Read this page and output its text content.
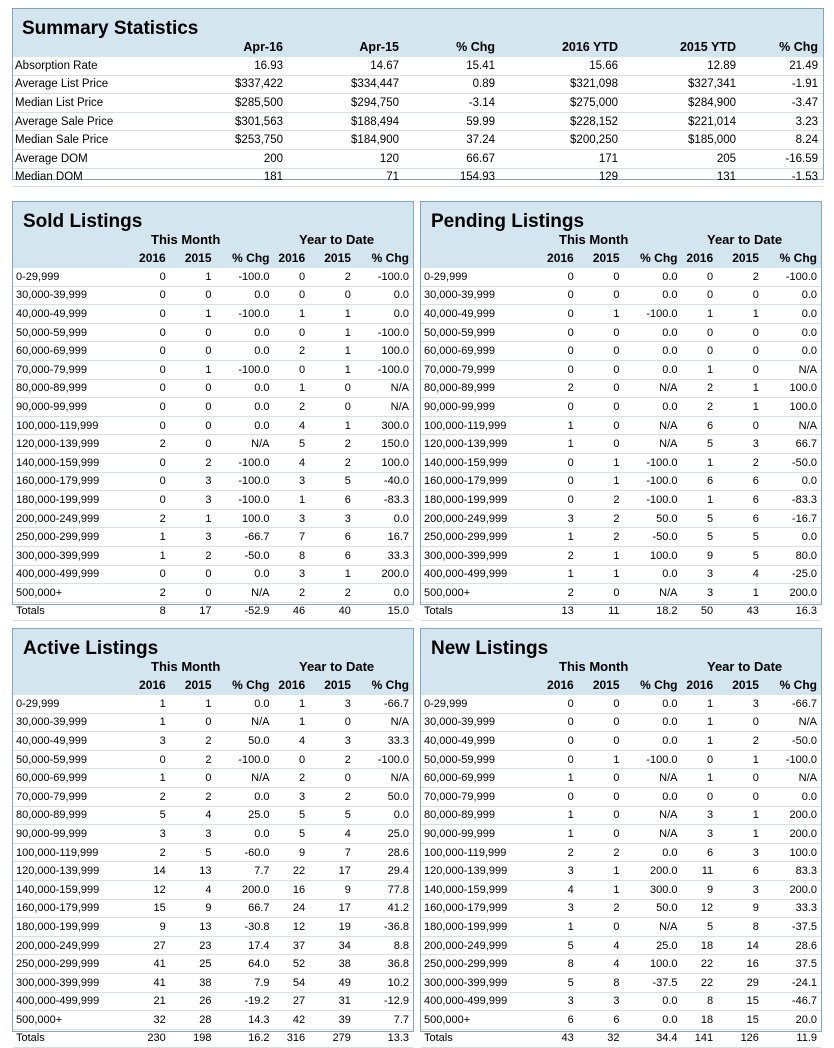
Summary Statistics
	Apr-16	Apr-15	% Chg	2016 YTD	2015 YTD	% Chg
Absorption Rate	16.93	14.67	15.41	15.66	12.89	21.49
Average List Price	$337,422	$334,447	0.89	$321,098	$327,341	-1.91
Median List Price	$285,500	$294,750	-3.14	$275,000	$284,900	-3.47
Average Sale Price	$301,563	$188,494	59.99	$228,152	$221,014	3.23
Median Sale Price	$253,750	$184,900	37.24	$200,250	$185,000	8.24
Average DOM	200	120	66.67	171	205	-16.59
Median DOM	181	71	154.93	129	131	-1.53
Sold Listings
This Month	Year to Date
	2016	2015	% Chg	2016	2015	% Chg
0-29,999	0	1	-100.0	0	2	-100.0
30,000-39,999	0	0	0.0	0	0	0.0
40,000-49,999	0	1	-100.0	1	1	0.0
50,000-59,999	0	0	0.0	0	1	-100.0
60,000-69,999	0	0	0.0	2	1	100.0
70,000-79,999	0	1	-100.0	0	1	-100.0
80,000-89,999	0	0	0.0	1	0	N/A
90,000-99,999	0	0	0.0	2	0	N/A
100,000-119,999	0	0	0.0	4	1	300.0
120,000-139,999	2	0	N/A	5	2	150.0
140,000-159,999	0	2	-100.0	4	2	100.0
160,000-179,999	0	3	-100.0	3	5	-40.0
180,000-199,999	0	3	-100.0	1	6	-83.3
200,000-249,999	2	1	100.0	3	3	0.0
250,000-299,999	1	3	-66.7	7	6	16.7
300,000-399,999	1	2	-50.0	8	6	33.3
400,000-499,999	0	0	0.0	3	1	200.0
500,000+	2	0	N/A	2	2	0.0
Totals	8	17	-52.9	46	40	15.0
Pending Listings
This Month	Year to Date
	2016	2015	% Chg	2016	2015	% Chg
0-29,999	0	0	0.0	0	2	-100.0
30,000-39,999	0	0	0.0	0	0	0.0
40,000-49,999	0	1	-100.0	1	1	0.0
50,000-59,999	0	0	0.0	0	0	0.0
60,000-69,999	0	0	0.0	0	0	0.0
70,000-79,999	0	0	0.0	1	0	N/A
80,000-89,999	2	0	N/A	2	1	100.0
90,000-99,999	0	0	0.0	2	1	100.0
100,000-119,999	1	0	N/A	6	0	N/A
120,000-139,999	1	0	N/A	5	3	66.7
140,000-159,999	0	1	-100.0	1	2	-50.0
160,000-179,999	0	1	-100.0	6	6	0.0
180,000-199,999	0	2	-100.0	1	6	-83.3
200,000-249,999	3	2	50.0	5	6	-16.7
250,000-299,999	1	2	-50.0	5	5	0.0
300,000-399,999	2	1	100.0	9	5	80.0
400,000-499,999	1	1	0.0	3	4	-25.0
500,000+	2	0	N/A	3	1	200.0
Totals	13	11	18.2	50	43	16.3
Active Listings
This Month	Year to Date
	2016	2015	% Chg	2016	2015	% Chg
0-29,999	1	1	0.0	1	3	-66.7
30,000-39,999	1	0	N/A	1	0	N/A
40,000-49,999	3	2	50.0	4	3	33.3
50,000-59,999	0	2	-100.0	0	2	-100.0
60,000-69,999	1	0	N/A	2	0	N/A
70,000-79,999	2	2	0.0	3	2	50.0
80,000-89,999	5	4	25.0	5	5	0.0
90,000-99,999	3	3	0.0	5	4	25.0
100,000-119,999	2	5	-60.0	9	7	28.6
120,000-139,999	14	13	7.7	22	17	29.4
140,000-159,999	12	4	200.0	16	9	77.8
160,000-179,999	15	9	66.7	24	17	41.2
180,000-199,999	9	13	-30.8	12	19	-36.8
200,000-249,999	27	23	17.4	37	34	8.8
250,000-299,999	41	25	64.0	52	38	36.8
300,000-399,999	41	38	7.9	54	49	10.2
400,000-499,999	21	26	-19.2	27	31	-12.9
500,000+	32	28	14.3	42	39	7.7
Totals	230	198	16.2	316	279	13.3
New Listings
This Month	Year to Date
	2016	2015	% Chg	2016	2015	% Chg
0-29,999	0	0	0.0	1	3	-66.7
30,000-39,999	0	0	0.0	1	0	N/A
40,000-49,999	0	0	0.0	1	2	-50.0
50,000-59,999	0	1	-100.0	0	1	-100.0
60,000-69,999	1	0	N/A	1	0	N/A
70,000-79,999	0	0	0.0	0	0	0.0
80,000-89,999	1	0	N/A	3	1	200.0
90,000-99,999	1	0	N/A	3	1	200.0
100,000-119,999	2	2	0.0	6	3	100.0
120,000-139,999	3	1	200.0	11	6	83.3
140,000-159,999	4	1	300.0	9	3	200.0
160,000-179,999	3	2	50.0	12	9	33.3
180,000-199,999	1	0	N/A	5	8	-37.5
200,000-249,999	5	4	25.0	18	14	28.6
250,000-299,999	8	4	100.0	22	16	37.5
300,000-399,999	5	8	-37.5	22	29	-24.1
400,000-499,999	3	3	0.0	8	15	-46.7
500,000+	6	6	0.0	18	15	20.0
Totals	43	32	34.4	141	126	11.9
